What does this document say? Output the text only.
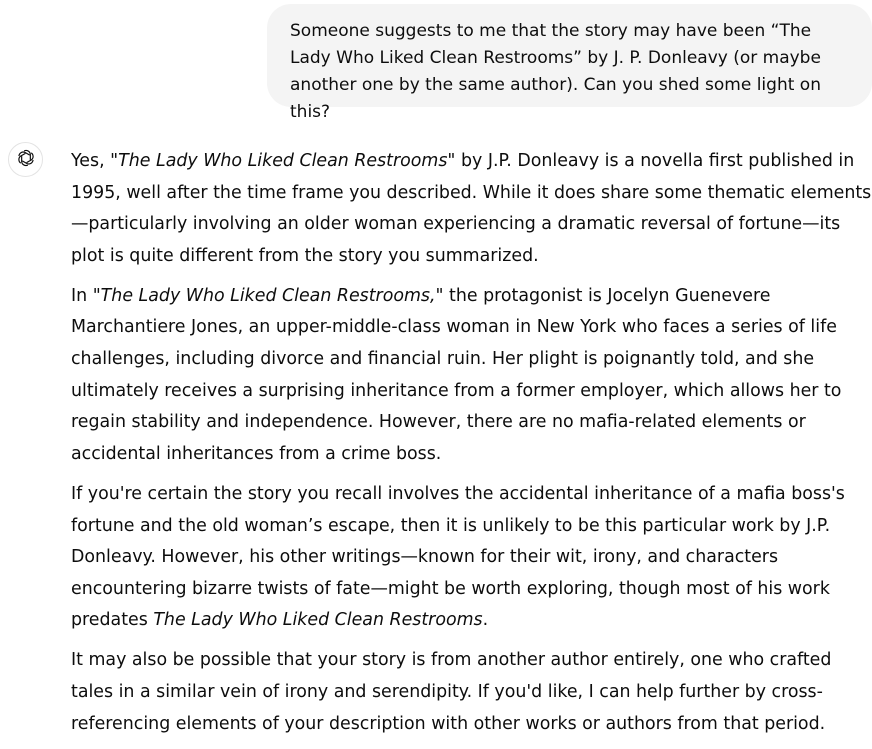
Someone suggests to me that the story may have been “The Lady Who Liked Clean Restrooms” by J. P. Donleavy (or maybe another one by the same author). Can you shed some light on this?

Yes, "The Lady Who Liked Clean Restrooms" by J.P. Donleavy is a novella first published in 1995, well after the time frame you described. While it does share some thematic elements—particularly involving an older woman experiencing a dramatic reversal of fortune—its plot is quite different from the story you summarized.

In "The Lady Who Liked Clean Restrooms," the protagonist is Jocelyn Guenevere Marchantiere Jones, an upper-middle-class woman in New York who faces a series of life challenges, including divorce and financial ruin. Her plight is poignantly told, and she ultimately receives a surprising inheritance from a former employer, which allows her to regain stability and independence. However, there are no mafia-related elements or accidental inheritances from a crime boss.

If you're certain the story you recall involves the accidental inheritance of a mafia boss's fortune and the old woman’s escape, then it is unlikely to be this particular work by J.P. Donleavy. However, his other writings—known for their wit, irony, and characters encountering bizarre twists of fate—might be worth exploring, though most of his work predates The Lady Who Liked Clean Restrooms.

It may also be possible that your story is from another author entirely, one who crafted tales in a similar vein of irony and serendipity. If you'd like, I can help further by cross-referencing elements of your description with other works or authors from that period.
